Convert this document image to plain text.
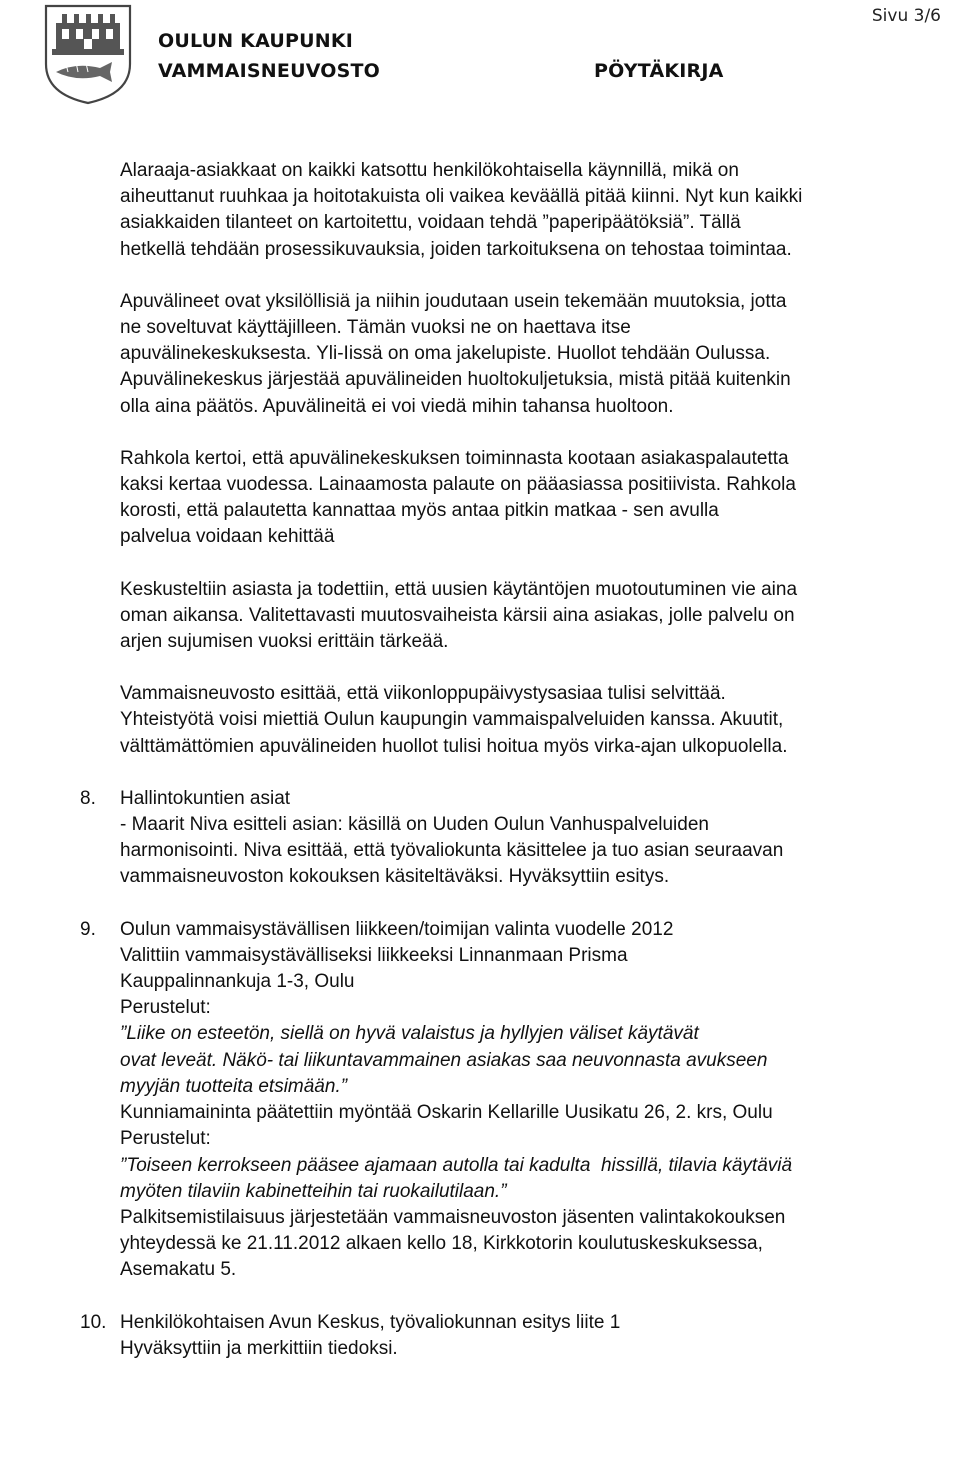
OULUN KAUPUNKI
VAMMAISNEUVOSTO	PÖYTÄKIRJA
Sivu 3/6
Alaraaja-asiakkaat on kaikki katsottu henkilökohtaisella käynnillä, mikä on
aiheuttanut ruuhkaa ja hoitotakuista oli vaikea keväällä pitää kiinni. Nyt kun kaikki
asiakkaiden tilanteet on kartoitettu, voidaan tehdä ”paperipäätöksiä”. Tällä
hetkellä tehdään prosessikuvauksia, joiden tarkoituksena on tehostaa toimintaa.
Apuvälineet ovat yksilöllisiä ja niihin joudutaan usein tekemään muutoksia, jotta
ne soveltuvat käyttäjilleen. Tämän vuoksi ne on haettava itse
apuvälinekeskuksesta. Yli-Iissä on oma jakelupiste. Huollot tehdään Oulussa.
Apuvälinekeskus järjestää apuvälineiden huoltokuljetuksia, mistä pitää kuitenkin
olla aina päätös. Apuvälineitä ei voi viedä mihin tahansa huoltoon.
Rahkola kertoi, että apuvälinekeskuksen toiminnasta kootaan asiakaspalautetta
kaksi kertaa vuodessa. Lainaamosta palaute on pääasiassa positiivista. Rahkola
korosti, että palautetta kannattaa myös antaa pitkin matkaa - sen avulla
palvelua voidaan kehittää
Keskusteltiin asiasta ja todettiin, että uusien käytäntöjen muotoutuminen vie aina
oman aikansa. Valitettavasti muutosvaiheista kärsii aina asiakas, jolle palvelu on
arjen sujumisen vuoksi erittäin tärkeää.
Vammaisneuvosto esittää, että viikonloppupäivystysasiaa tulisi selvittää.
Yhteistyötä voisi miettiä Oulun kaupungin vammaispalveluiden kanssa. Akuutit,
välttämättömien apuvälineiden huollot tulisi hoitua myös virka-ajan ulkopuolella.
8. Hallintokuntien asiat
- Maarit Niva esitteli asian: käsillä on Uuden Oulun Vanhuspalveluiden
harmonisointi. Niva esittää, että työvaliokunta käsittelee ja tuo asian seuraavan
vammaisneuvoston kokouksen käsiteltäväksi. Hyväksyttiin esitys.
9. Oulun vammaisystävällisen liikkeen/toimijan valinta vuodelle 2012
Valittiin vammaisystävälliseksi liikkeeksi Linnanmaan Prisma
Kauppalinnankuja 1-3, Oulu
Perustelut:
”Liike on esteetön, siellä on hyvä valaistus ja hyllyjen väliset käytävät
ovat leveät. Näkö- tai liikuntavammainen asiakas saa neuvonnasta avukseen
myyjän tuotteita etsimään.”
Kunniamaininta päätettiin myöntää Oskarin Kellarille Uusikatu 26, 2. krs, Oulu
Perustelut:
”Toiseen kerrokseen pääsee ajamaan autolla tai kadulta  hissillä, tilavia käytäviä
myöten tilaviin kabinetteihin tai ruokailutilaan.”
Palkitsemistilaisuus järjestetään vammaisneuvoston jäsenten valintakokouksen
yhteydessä ke 21.11.2012 alkaen kello 18, Kirkkotorin koulutuskeskuksessa,
Asemakatu 5.
10. Henkilökohtaisen Avun Keskus, työvaliokunnan esitys liite 1
Hyväksyttiin ja merkittiin tiedoksi.
